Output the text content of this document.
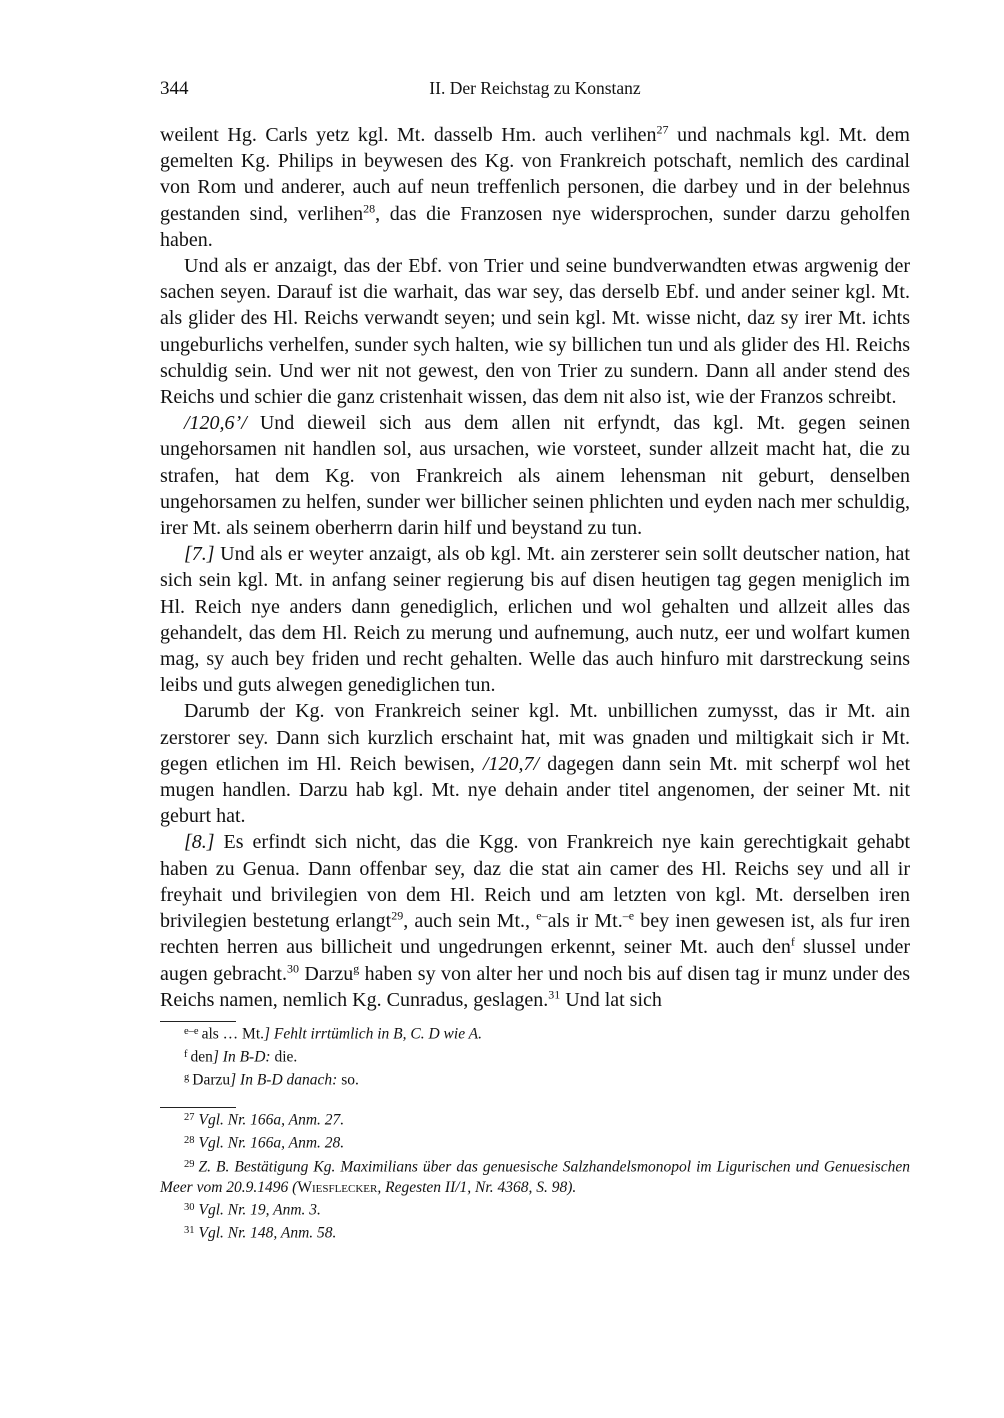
344	II. Der Reichstag zu Konstanz

weilent Hg. Carls yetz kgl. Mt. dasselb Hm. auch verlihen$^{27}$ und nachmals kgl. Mt. dem gemelten Kg. Philips in beywesen des Kg. von Frankreich potschaft, nemlich des cardinal von Rom und anderer, auch auf neun treffenlich personen, die darbey und in der belehnus gestanden sind, verlihen$^{28}$, das die Franzosen nye widersprochen, sunder darzu geholfen haben.

Und als er anzaigt, das der Ebf. von Trier und seine bundverwandten etwas argwenig der sachen seyen. Darauf ist die warhait, das war sey, das derselb Ebf. und ander seiner kgl. Mt. als glider des Hl. Reichs verwandt seyen; und sein kgl. Mt. wisse nicht, daz sy irer Mt. ichts ungeburlichs verhelfen, sunder sych halten, wie sy billichen tun und als glider des Hl. Reichs schuldig sein. Und wer nit not gewest, den von Trier zu sundern. Dann all ander stend des Reichs und schier die ganz cristenhait wissen, das dem nit also ist, wie der Franzos schreibt.

/120,6’/ Und dieweil sich aus dem allen nit erfyndt, das kgl. Mt. gegen seinen ungehorsamen nit handlen sol, aus ursachen, wie vorsteet, sunder allzeit macht hat, die zu strafen, hat dem Kg. von Frankreich als ainem lehensman nit geburt, denselben ungehorsamen zu helfen, sunder wer billicher seinen phlichten und eyden nach mer schuldig, irer Mt. als seinem oberherrn darin hilf und beystand zu tun.

[7.] Und als er weyter anzaigt, als ob kgl. Mt. ain zersterer sein sollt deutscher nation, hat sich sein kgl. Mt. in anfang seiner regierung bis auf disen heutigen tag gegen meniglich im Hl. Reich nye anders dann genediglich, erlichen und wol gehalten und allzeit alles das gehandelt, das dem Hl. Reich zu merung und aufnemung, auch nutz, eer und wolfart kumen mag, sy auch bey friden und recht gehalten. Welle das auch hinfuro mit darstreckung seins leibs und guts alwegen genediglichen tun.

Darumb der Kg. von Frankreich seiner kgl. Mt. unbillichen zumysst, das ir Mt. ain zerstorer sey. Dann sich kurzlich erschaint hat, mit was gnaden und miltigkait sich ir Mt. gegen etlichen im Hl. Reich bewisen, /120,7/ dagegen dann sein Mt. mit scherpf wol het mugen handlen. Darzu hab kgl. Mt. nye dehain ander titel angenomen, der seiner Mt. nit geburt hat.

[8.] Es erfindt sich nicht, das die Kgg. von Frankreich nye kain gerechtigkait gehabt haben zu Genua. Dann offenbar sey, daz die stat ain camer des Hl. Reichs sey und all ir freyhait und brivilegien von dem Hl. Reich und am letzten von kgl. Mt. derselben iren brivilegien bestetung erlangt$^{29}$, auch sein Mt., $^{e-}$als ir Mt.$^{-e}$ bey inen gewesen ist, als fur iren rechten herren aus billicheit und ungedrungen erkennt, seiner Mt. auch den$^f$ slussel under augen gebracht.$^{30}$ Darzu$^g$ haben sy von alter her und noch bis auf disen tag ir munz under des Reichs namen, nemlich Kg. Cunradus, geslagen.$^{31}$ Und lat sich

$^{e-e}$ als … Mt.] Fehlt irrtümlich in B, C. D wie A.
$^f$ den] In B-D: die.
$^g$ Darzu] In B-D danach: so.
$^{27}$ Vgl. Nr. 166a, Anm. 27.
$^{28}$ Vgl. Nr. 166a, Anm. 28.
$^{29}$ Z. B. Bestätigung Kg. Maximilians über das genuesische Salzhandelsmonopol im Ligurischen und Genuesischen Meer vom 20.9.1496 (Wiesflecker, Regesten II/1, Nr. 4368, S. 98).
$^{30}$ Vgl. Nr. 19, Anm. 3.
$^{31}$ Vgl. Nr. 148, Anm. 58.
